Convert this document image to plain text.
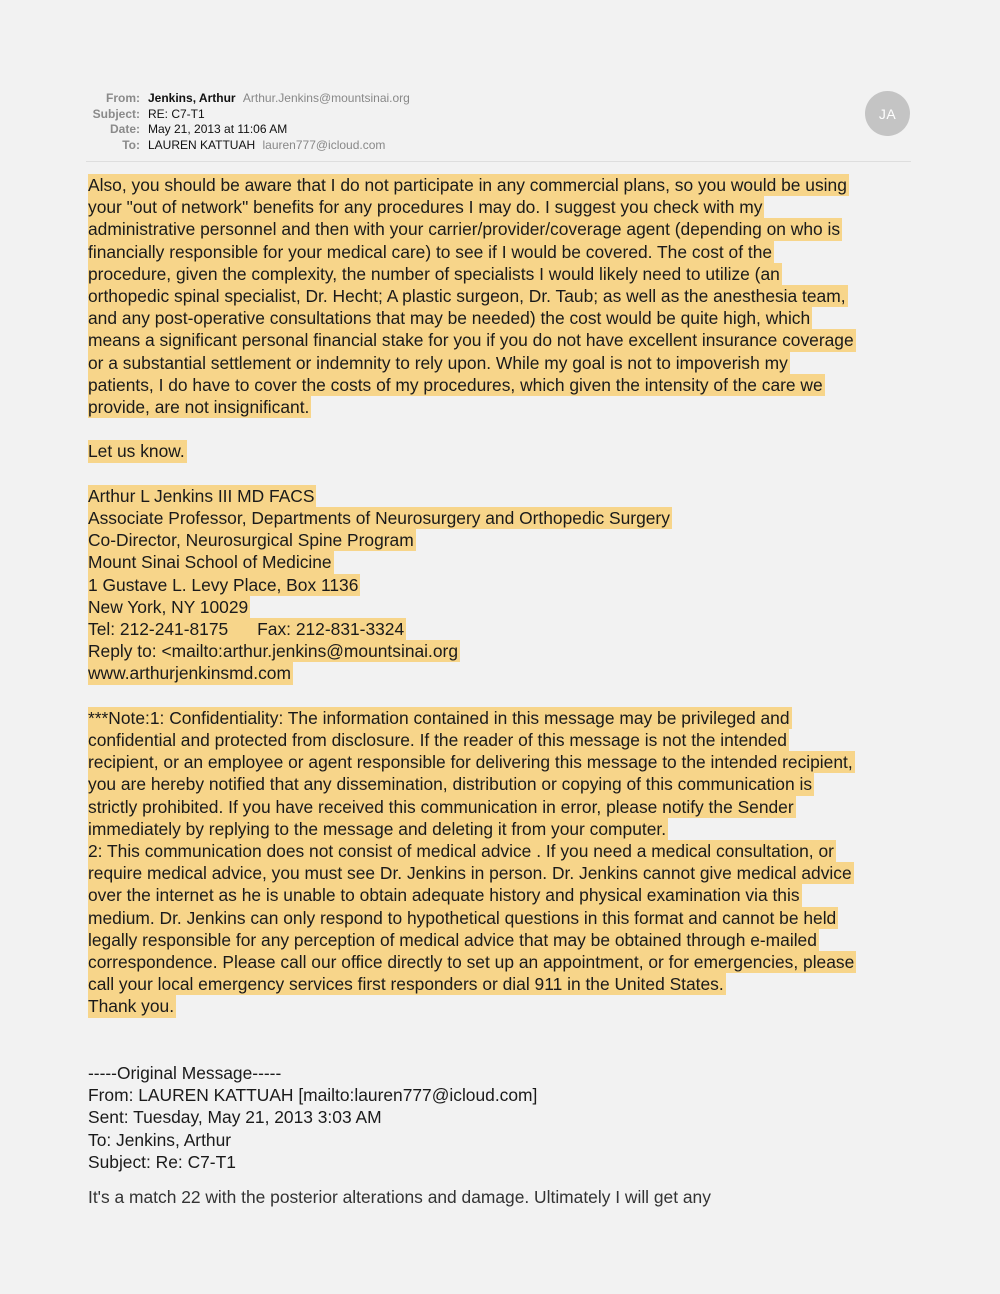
From: Jenkins, Arthur Arthur.Jenkins@mountsinai.org
Subject: RE: C7-T1
Date: May 21, 2013 at 11:06 AM
To: LAUREN KATTUAH lauren777@icloud.com
JA
Also, you should be aware that I do not participate in any commercial plans, so you would be using
your "out of network" benefits for any procedures I may do. I suggest you check with my
administrative personnel and then with your carrier/provider/coverage agent (depending on who is
financially responsible for your medical care) to see if I would be covered. The cost of the
procedure, given the complexity, the number of specialists I would likely need to utilize (an
orthopedic spinal specialist, Dr. Hecht; A plastic surgeon, Dr. Taub; as well as the anesthesia team,
and any post-operative consultations that may be needed) the cost would be quite high, which
means a significant personal financial stake for you if you do not have excellent insurance coverage
or a substantial settlement or indemnity to rely upon. While my goal is not to impoverish my
patients, I do have to cover the costs of my procedures, which given the intensity of the care we
provide, are not insignificant.
Let us know.
Arthur L Jenkins III MD FACS
Associate Professor, Departments of Neurosurgery and Orthopedic Surgery
Co-Director, Neurosurgical Spine Program
Mount Sinai School of Medicine
1 Gustave L. Levy Place, Box 1136
New York, NY 10029
Tel: 212-241-8175      Fax: 212-831-3324
Reply to: <mailto:arthur.jenkins@mountsinai.org
www.arthurjenkinsmd.com
***Note:1: Confidentiality: The information contained in this message may be privileged and
confidential and protected from disclosure. If the reader of this message is not the intended
recipient, or an employee or agent responsible for delivering this message to the intended recipient,
you are hereby notified that any dissemination, distribution or copying of this communication is
strictly prohibited. If you have received this communication in error, please notify the Sender
immediately by replying to the message and deleting it from your computer.
2: This communication does not consist of medical advice . If you need a medical consultation, or
require medical advice, you must see Dr. Jenkins in person. Dr. Jenkins cannot give medical advice
over the internet as he is unable to obtain adequate history and physical examination via this
medium. Dr. Jenkins can only respond to hypothetical questions in this format and cannot be held
legally responsible for any perception of medical advice that may be obtained through e-mailed
correspondence. Please call our office directly to set up an appointment, or for emergencies, please
call your local emergency services first responders or dial 911 in the United States.
Thank you.
-----Original Message-----
From: LAUREN KATTUAH [mailto:lauren777@icloud.com]
Sent: Tuesday, May 21, 2013 3:03 AM
To: Jenkins, Arthur
Subject: Re: C7-T1
It's a match 22 with the posterior alterations and damage. Ultimately I will get any
